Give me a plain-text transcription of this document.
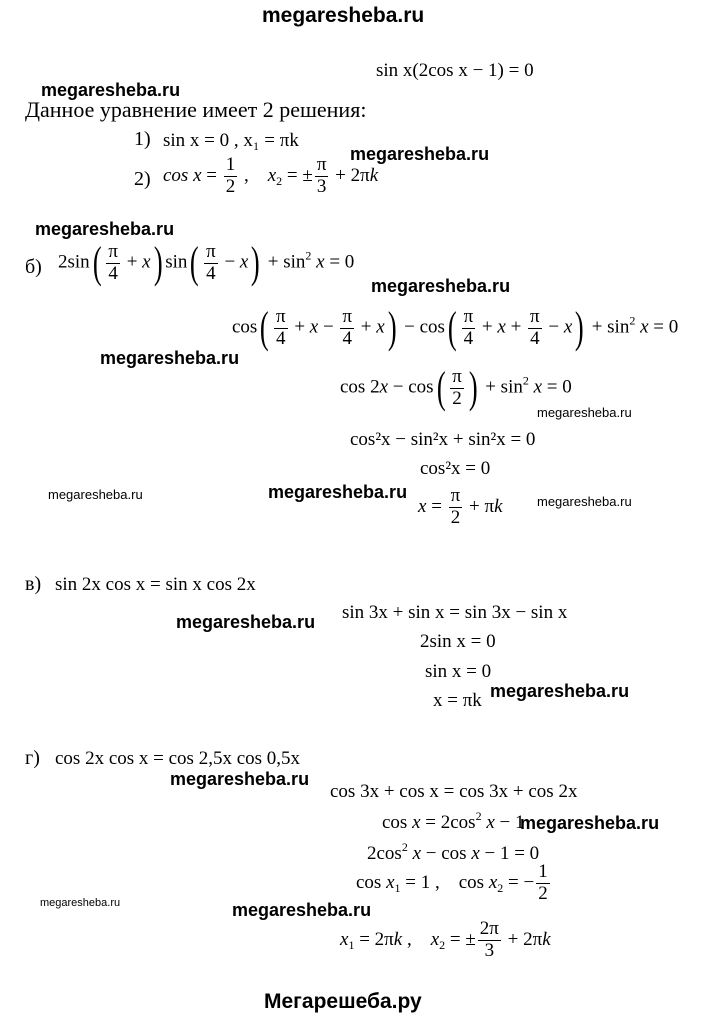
megaresheba.ru
megaresheba.ru
megaresheba.ru
megaresheba.ru
megaresheba.ru
megaresheba.ru
megaresheba.ru
megaresheba.ru	megaresheba.ru	megaresheba.ru
megaresheba.ru
megaresheba.ru
megaresheba.ru
megaresheba.ru
megaresheba.ru	megaresheba.ru
Мегарешеба.ру
sin x(2cos x − 1) = 0
Данное уравнение имеет 2 решения:
1) sin x = 0 , x₁ = πk
2) $\cos x = \frac{1}{2}$ ,    $x_2$ = ± $\frac{\pi}{3} + 2\pi k$
б) $2\sin( \frac{\pi}{4} + x)$ $\sin( \frac{\pi}{4} - x) + \sin^2 x = 0$
$\cos( \frac{\pi}{4} + x - \frac{\pi}{4} + x) - \cos( \frac{\pi}{4} + x + \frac{\pi}{4} - x) + \sin^2 x = 0$
$\cos 2x - \cos( \frac{\pi}{2}$ ) + $\sin^2 x = 0$
cos²x − sin²x + sin²x = 0
cos²x = 0
$x = \frac{\pi}{2} + \pi k$
в) sin 2x cos x = sin x cos 2x
sin 3x + sin x = sin 3x − sin x
2sin x = 0
sin x = 0
x = πk
г) cos 2x cos x = cos 2,5x cos 0,5x
cos 3x + cos x = cos 3x + cos 2x
$\cos x = 2\cos^2$ x − 1
$2\cos^2$ x − cos x − 1 = 0
$\cos x_1 = 1$ ,    $\cos x_2$ = − $\frac{1}{2}$
$x_1 = 2\pi k$ ,    $x_2$ = ± $\frac{2\pi}{3} + 2\pi k$
